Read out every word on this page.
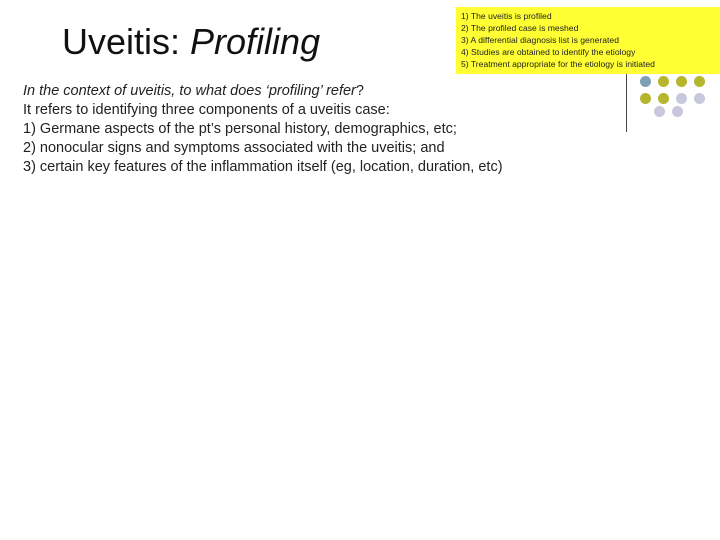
Uveitis: Profiling
1) The uveitis is profiled
2) The profiled case is meshed
3) A differential diagnosis list is generated
4) Studies are obtained to identify the etiology
5) Treatment appropriate for the etiology is initiated
In the context of uveitis, to what does ‘profiling’ refer?
It refers to identifying three components of a uveitis case:
1) Germane aspects of the pt’s personal history, demographics, etc;
2) nonocular signs and symptoms associated with the uveitis; and
3) certain key features of the inflammation itself (eg, location, duration, etc)
